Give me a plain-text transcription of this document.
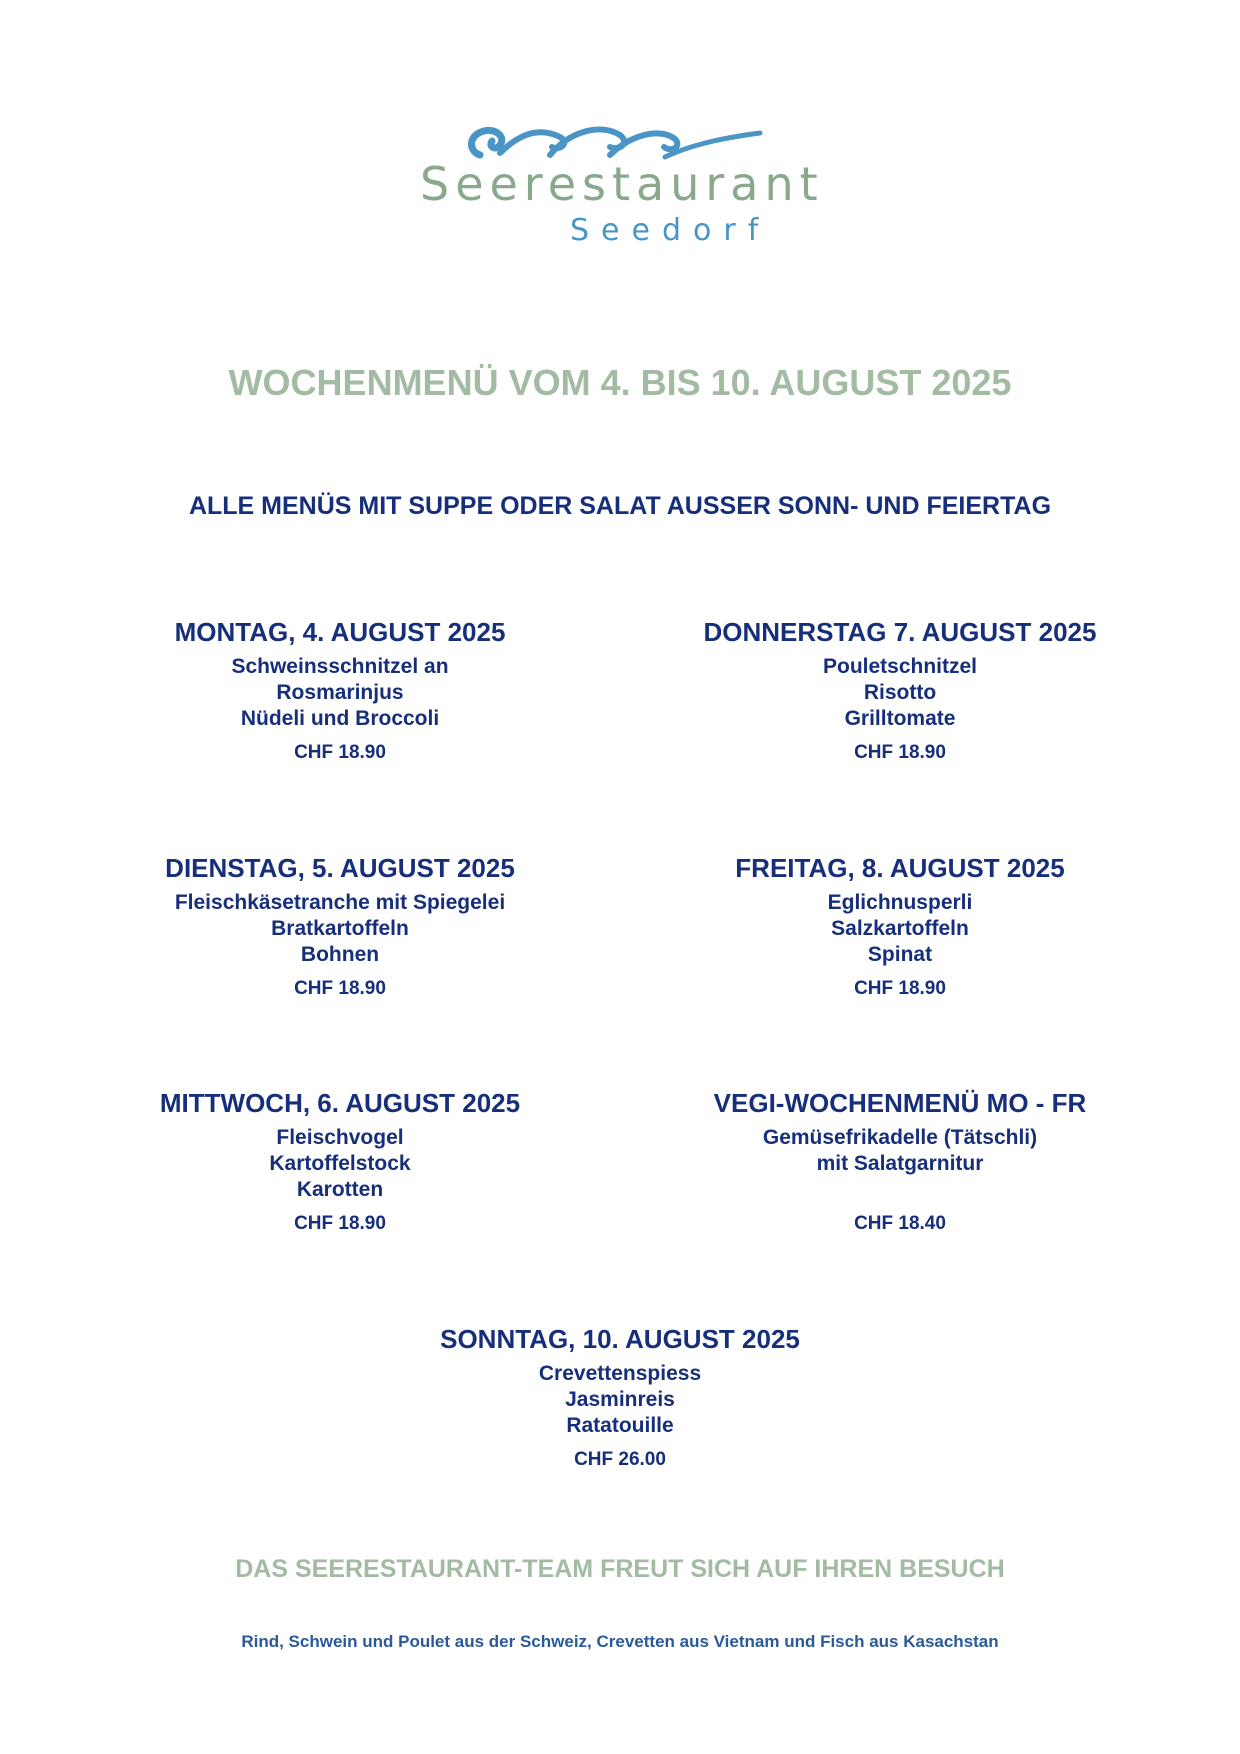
Seerestaurant
Seedorf
WOCHENMENÜ VOM 4. BIS 10. AUGUST 2025
ALLE MENÜS MIT SUPPE ODER SALAT AUSSER SONN- UND FEIERTAG
MONTAG, 4. AUGUST 2025
Schweinsschnitzel an
Rosmarinjus
Nüdeli und Broccoli
CHF 18.90
DONNERSTAG 7. AUGUST 2025
Pouletschnitzel
Risotto
Grilltomate
CHF 18.90
DIENSTAG, 5. AUGUST 2025
Fleischkäsetranche mit Spiegelei
Bratkartoffeln
Bohnen
CHF 18.90
FREITAG, 8. AUGUST 2025
Eglichnusperli
Salzkartoffeln
Spinat
CHF 18.90
MITTWOCH, 6. AUGUST 2025
Fleischvogel
Kartoffelstock
Karotten
CHF 18.90
VEGI-WOCHENMENÜ MO - FR
Gemüsefrikadelle (Tätschli)
mit Salatgarnitur
CHF 18.40
SONNTAG, 10. AUGUST 2025
Crevettenspiess
Jasminreis
Ratatouille
CHF 26.00
DAS SEERESTAURANT-TEAM FREUT SICH AUF IHREN BESUCH
Rind, Schwein und Poulet aus der Schweiz, Crevetten aus Vietnam und Fisch aus Kasachstan
